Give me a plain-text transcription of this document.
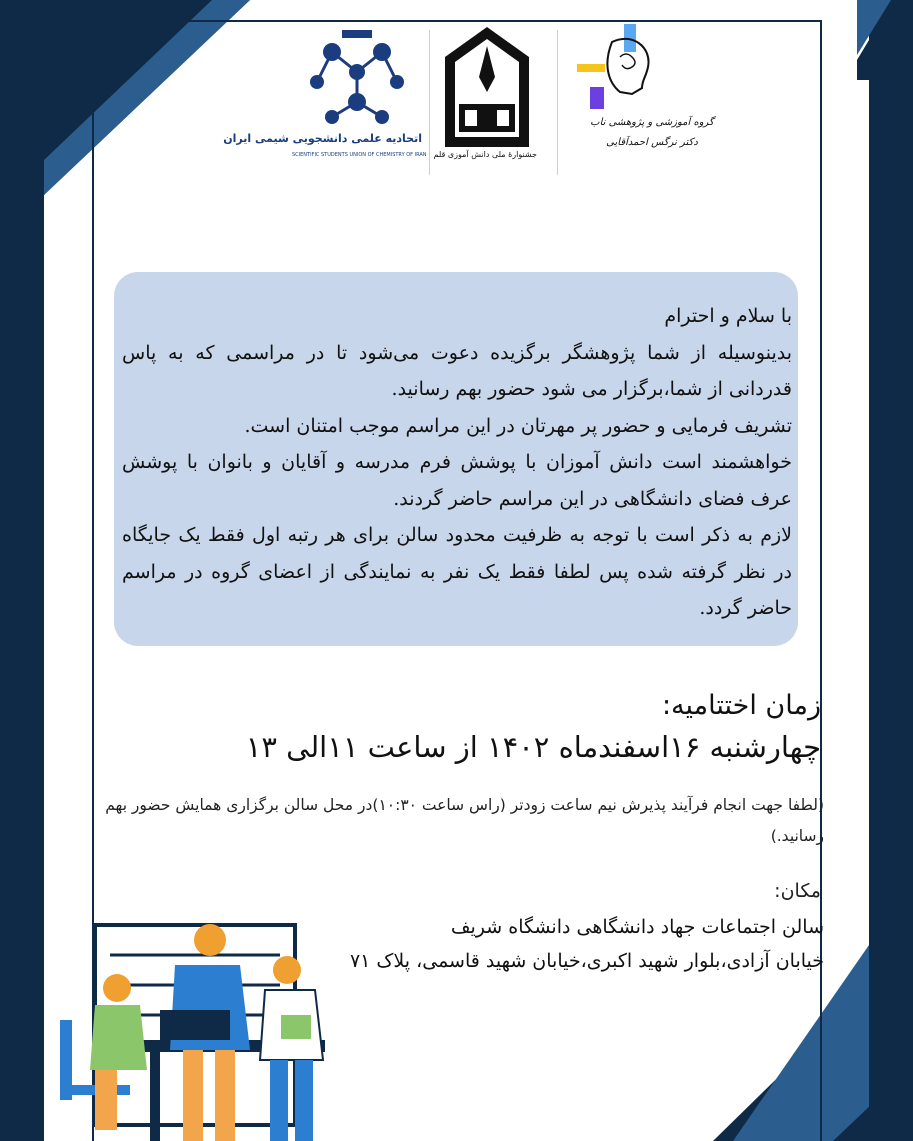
اتحادیه علمی دانشجویی شیمی ایران
SCIENTIFIC STUDENTS UNION OF CHEMISTRY OF IRAN جشنوارهٔ ملی دانش آموزی قلم
گروه آموزشی و پژوهشی ناب
دکتر نرگس احمدآقایی

با سلام و احترام

بدینوسیله از شما پژوهشگر برگزیده دعوت می‌شود تا در مراسمی که به پاس قدردانی از شما،برگزار می شود حضور بهم رسانید.

تشریف فرمایی و حضور پر مهرتان در این مراسم موجب امتنان است.

خواهشمند است دانش آموزان با پوشش فرم مدرسه و آقایان و بانوان با پوشش عرف فضای دانشگاهی در این مراسم حاضر گردند.

لازم به ذکر است با توجه به ظرفیت محدود سالن برای هر رتبه اول فقط یک جایگاه در نظر گرفته شده پس لطفا فقط یک نفر به نمایندگی از اعضای گروه در مراسم حاضر گردد.

زمان اختتامیه:
چهارشنبه ۱۶اسفندماه ۱۴۰۲ از ساعت ۱۱الی ۱۳
(لطفا جهت انجام فرآیند پذیرش نیم ساعت زودتر (راس ساعت ۱۰:۳۰)در محل سالن برگزاری همایش حضور بهم رسانید.)
مکان:

سالن اجتماعات جهاد دانشگاهی دانشگاه شریف

خیابان آزادی،بلوار شهید اکبری،خیابان شهید قاسمی، پلاک ۷۱
